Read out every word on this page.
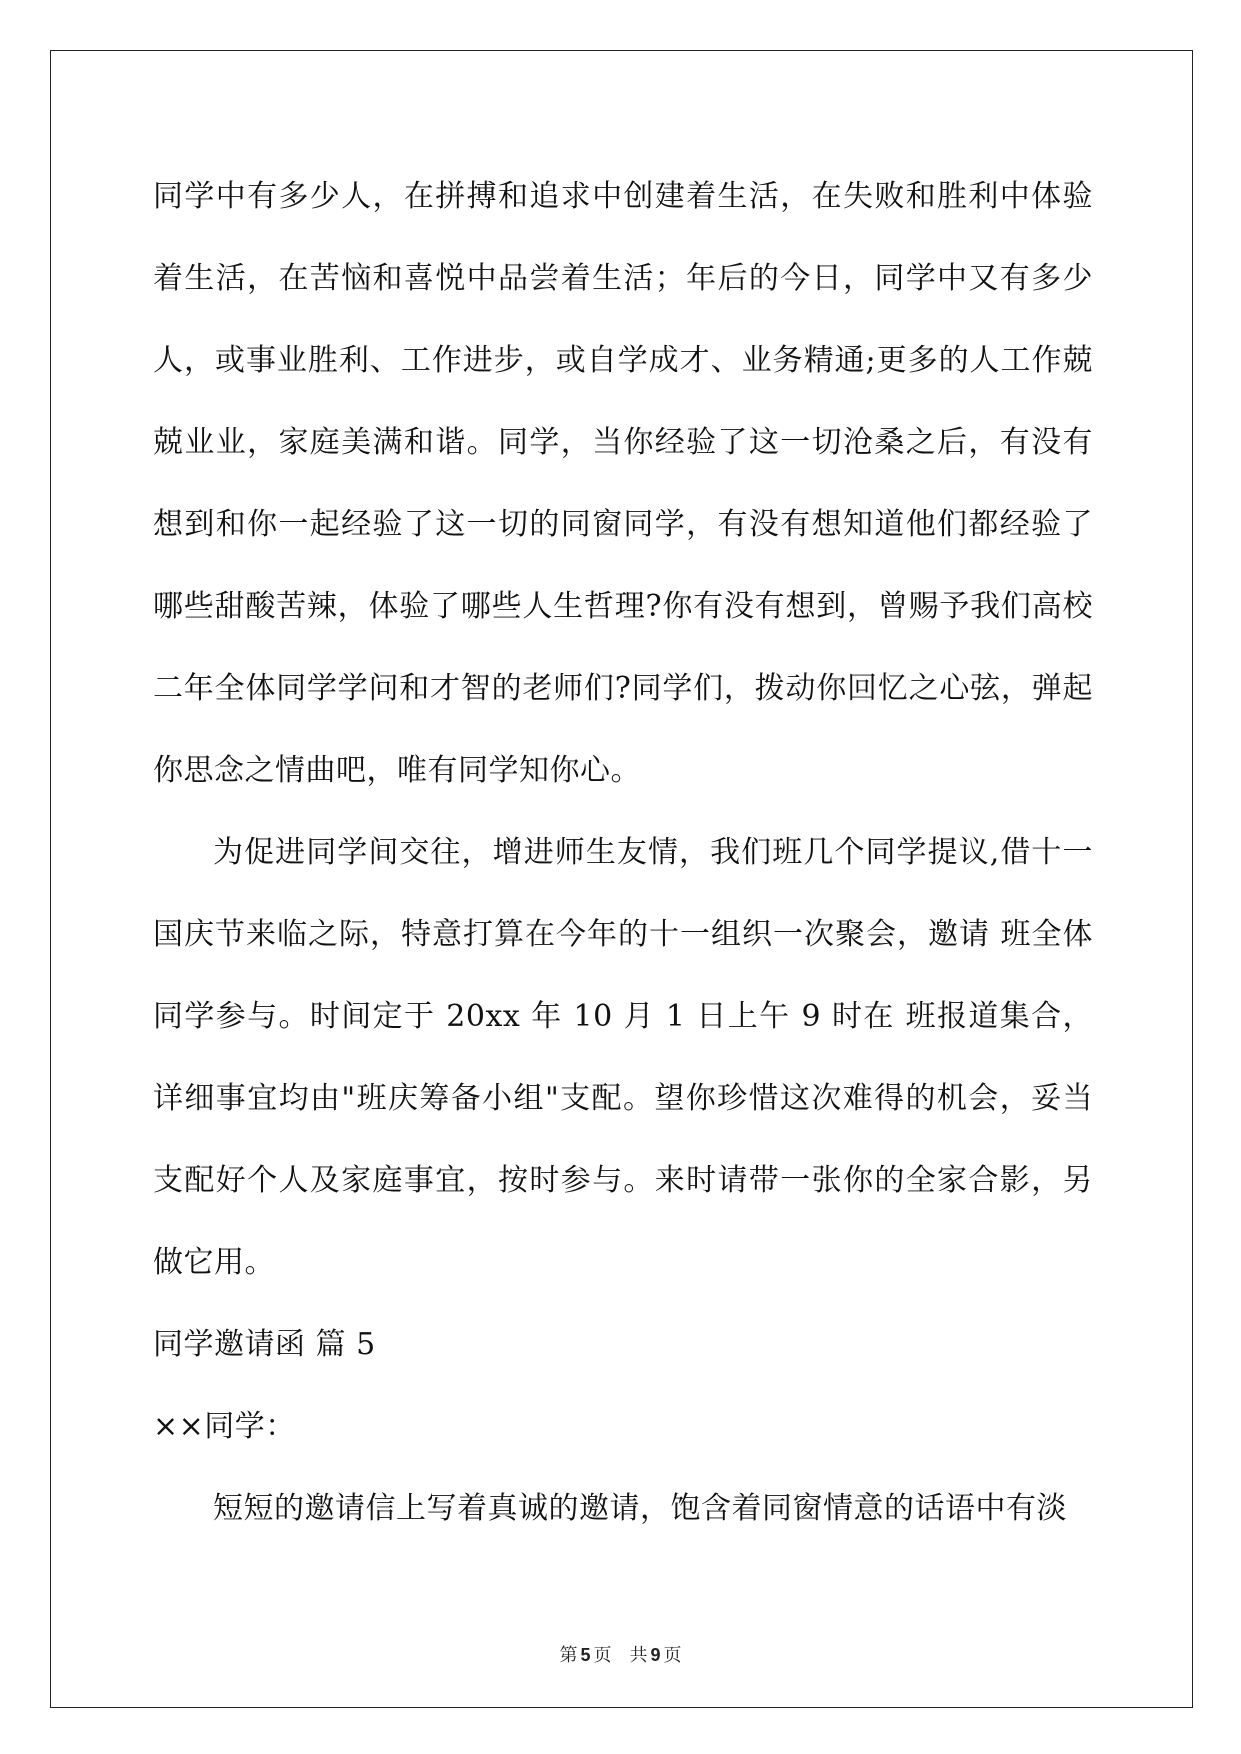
同学中有多少人，在拼搏和追求中创建着生活，在失败和胜利中体验着生活，在苦恼和喜悦中品尝着生活；年后的今日，同学中又有多少人，或事业胜利、工作进步，或自学成才、业务精通;更多的人工作兢兢业业，家庭美满和谐。同学，当你经验了这一切沧桑之后，有没有想到和你一起经验了这一切的同窗同学，有没有想知道他们都经验了哪些甜酸苦辣，体验了哪些人生哲理?你有没有想到，曾赐予我们高校二年全体同学学问和才智的老师们?同学们，拨动你回忆之心弦，弹起你思念之情曲吧，唯有同学知你心。

为促进同学间交往，增进师生友情，我们班几个同学提议,借十一国庆节来临之际，特意打算在今年的十一组织一次聚会，邀请 班全体同学参与。时间定于 20xx 年 10 月 1 日上午 9 时在 班报道集合，详细事宜均由"班庆筹备小组"支配。望你珍惜这次难得的机会，妥当支配好个人及家庭事宜，按时参与。来时请带一张你的全家合影，另做它用。

同学邀请函 篇 5

××同学：

短短的邀请信上写着真诚的邀请，饱含着同窗情意的话语中有淡

第 5 页 共 9 页
